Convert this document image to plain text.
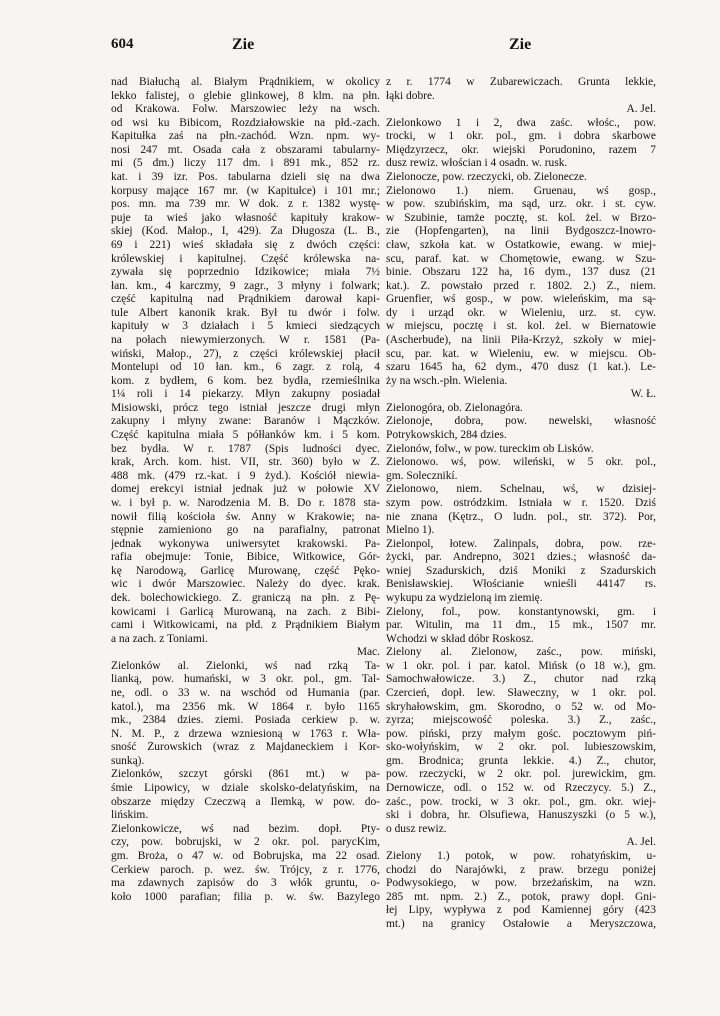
604	Zie	Zie
nad Białuchą al. Białym Prądnikiem, w okolicy
lekko falistej, o glebie glinkowej, 8 klm. na płn.
od Krakowa. Folw. Marszowiec leży na wsch.
od wsi ku Bibicom, Rozdziałowskie na płd.-zach.
Kapitułka zaś na płn.-zachód. Wzn. npm. wy-
nosi 247 mt. Osada cała z obszarami tabularny-
mi (5 dm.) liczy 117 dm. i 891 mk., 852 rz.
kat. i 39 izr. Pos. tabularna dzieli się na dwa
korpusy mające 167 mr. (w Kapitułce) i 101 mr.;
pos. mn. ma 739 mr. W dok. z r. 1382 wystę-
puje ta wieś jako własność kapituły krakow-
skiej (Kod. Małop., I, 429). Za Długosza (L. B.,
69 i 221) wieś składała się z dwóch części:
królewskiej i kapitulnej. Część królewska na-
zywała się poprzednio Idzikowice; miała 7½
łan. km., 4 karczmy, 9 zagr., 3 młyny i folwark;
część kapitulną nad Prądnikiem darował kapi-
tule Albert kanonik krak. Był tu dwór i folw.
kapituły w 3 działach i 5 kmieci siedzących
na połach niewymierzonych. W r. 1581 (Pa-
wiński, Małop., 27), z części królewskiej płacił
Montelupi od 10 łan. km., 6 zagr. z rolą, 4
kom. z bydłem, 6 kom. bez bydła, rzemieślnika
1¼ roli i 14 piekarzy. Młyn zakupny posiadał
Misiowski, prócz tego istniał jeszcze drugi młyn
zakupny i młyny zwane: Baranów i Mączków.
Część kapitulna miała 5 półłanków km. i 5 kom.
bez bydła. W r. 1787 (Spis ludności dyec.
krak, Arch. kom. hist. VII, str. 360) było w Z.
488 mk. (479 rz.-kat. i 9 żyd.). Kościół niewia-
domej erekcyi istniał jednak już w połowie XV
w. i był p. w. Narodzenia M. B. Do r. 1878 sta-
nowił filią kościoła św. Anny w Krakowie; na-
stępnie zamieniono go na parafialny, patronat
jednak wykonywa uniwersytet krakowski. Pa-
rafia obejmuje: Tonie, Bibice, Witkowice, Gór-
kę Narodową, Garlicę Murowanę, część Pęko-
wic i dwór Marszowiec. Należy do dyec. krak.
dek. bolechowickiego. Z. graniczą na płn. z Pę-
kowicami i Garlicą Murowaną, na zach. z Bibi-
cami i Witkowicami, na płd. z Prądnikiem Białym
a na zach. z Toniami.
Mac.
Zielonków al. Zielonki, wś nad rzką Ta-
lianką, pow. humański, w 3 okr. pol., gm. Tal-
ne, odl. o 33 w. na wschód od Humania (par.
katol.), ma 2356 mk. W 1864 r. było 1165
mk., 2384 dzies. ziemi. Posiada cerkiew p. w.
N. M. P., z drzewa wzniesioną w 1763 r. Wła-
sność Żurowskich (wraz z Majdaneckiem i Kor-
sunką).
Zielonków, szczyt górski (861 mt.) w pa-
śmie Lipowicy, w dziale skolsko-delatyńskim, na
obszarze między Czeczwą a Ilemką, w pow. do-
lińskim.
Zielonkowicze, wś nad bezim. dopł. Pty-
czy, pow. bobrujski, w 2 okr. pol. parycKim,
gm. Broża, o 47 w. od Bobrujska, ma 22 osad.
Cerkiew paroch. p. wez. św. Trójcy, z r. 1776,
ma zdawnych zapisów do 3 włók gruntu, o-
koło 1000 parafian; filia p. w. św. Bazylego
z r. 1774 w Zubarewiczach. Grunta lekkie,
łąki dobre.
A. Jel.
Zielonkowo 1 i 2, dwa zaśc. włośc., pow.
trocki, w 1 okr. pol., gm. i dobra skarbowe
Międzyrzecz, okr. wiejski Porudonino, razem 7
dusz rewiz. włościan i 4 osadn. w. rusk.
Zielonocze, pow. rzeczycki, ob. Zielonecze.
Zielonowo 1.) niem. Gruenau, wś gosp.,
w pow. szubińskim, ma sąd, urz. okr. i st. cyw.
w Szubinie, tamże pocztę, st. kol. żel. w Brzo-
zie (Hopfengarten), na linii Bydgoszcz-Inowro-
cław, szkoła kat. w Ostatkowie, ewang. w miej-
scu, paraf. kat. w Chomętowie, ewang. w Szu-
binie. Obszaru 122 ha, 16 dym., 137 dusz (21
kat.). Z. powstało przed r. 1802. 2.) Z., niem.
Gruenfier, wś gosp., w pow. wieleńskim, ma są-
dy i urząd okr. w Wieleniu, urz. st. cyw.
w miejscu, pocztę i st. kol. żel. w Biernatowie
(Ascherbude), na linii Piła-Krzyż, szkoły w miej-
scu, par. kat. w Wieleniu, ew. w miejscu. Ob-
szaru 1645 ha, 62 dym., 470 dusz (1 kat.). Le-
ży na wsch.-płn. Wielenia.
W. Ł.
Zielonogóra, ob. Zielonagóra.
Zielonoje, dobra, pow. newelski, własność
Potrykowskich, 284 dzies.
Zielonów, folw., w pow. tureckim ob Lisków.
Zielonowo. wś, pow. wileński, w 5 okr. pol.,
gm. Solecznikí.
Zielonowo, niem. Schelnau, wś, w dzisiej-
szym pow. ostródzkim. Istniała w r. 1520. Dziś
nie znana (Kętrz., O ludn. pol., str. 372). Por,
Mielno 1).
Zielonpol, łotew. Zalinpals, dobra, pow. rze-
życki, par. Andrepno, 3021 dzies.; własność da-
wniej Szadurskich, dziś Moniki z Szadurskich
Benisławskiej. Włościanie wnieśli 44147 rs.
wykupu za wydzieloną im ziemię.
Zielony, fol., pow. konstantynowski, gm. i
par. Witulin, ma 11 dm., 15 mk., 1507 mr.
Wchodzi w skład dóbr Roskosz.
Zielony al. Zielonow, zaśc., pow. miński,
w 1 okr. pol. i par. katol. Mińsk (o 18 w.), gm.
Samochwałowicze. 3.) Z., chutor nad rzką
Czercień, dopł. lew. Sławeczny, w 1 okr. pol.
skryhałowskim, gm. Skorodno, o 52 w. od Mo-
zyrza; miejscowość poleska. 3.) Z., zaśc.,
pow. piński, przy małym gośc. pocztowym piń-
sko-wołyńskim, w 2 okr. pol. lubieszowskim,
gm. Brodnica; grunta lekkie. 4.) Z., chutor,
pow. rzeczycki, w 2 okr. pol. jurewickim, gm.
Dernowicze, odl. o 152 w. od Rzeczycy. 5.) Z.,
zaśc., pow. trocki, w 3 okr. pol., gm. okr. wiej-
ski i dobra, hr. Olsufiewa, Hanuszyszki (o 5 w.),
o dusz rewiz.
A. Jel.
Zielony 1.) potok, w pow. rohatyńskim, u-
chodzi do Narajówki, z praw. brzegu poniżej
Podwysokiego, w pow. brzeżańskim, na wzn.
285 mt. npm. 2.) Z., potok, prawy dopł. Gni-
łej Lipy, wypływa z pod Kamiennej góry (423
mt.) na granicy Ostałowie a Meryszczowa,
